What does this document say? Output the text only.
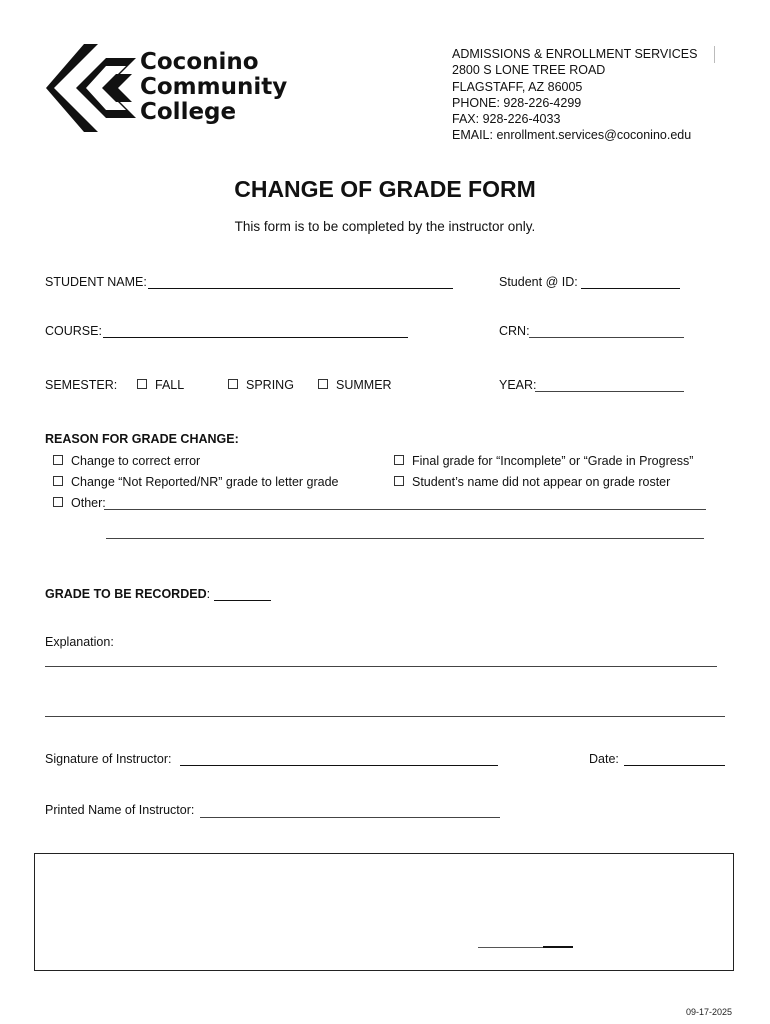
Coconino
Community
College
ADMISSIONS & ENROLLMENT SERVICES
2800 S LONE TREE ROAD
FLAGSTAFF, AZ 86005
PHONE: 928-226-4299
FAX: 928-226-4033
EMAIL: enrollment.services@coconino.edu
CHANGE OF GRADE FORM
This form is to be completed by the instructor only.
STUDENT NAME:	Student @ ID:
COURSE:	CRN:
SEMESTER:	FALL	SPRING	SUMMER	YEAR:
REASON FOR GRADE CHANGE:
Change to correct error
Change “Not Reported/NR” grade to letter grade
Other:
Final grade for “Incomplete” or “Grade in Progress”
Student’s name did not appear on grade roster
GRADE TO BE RECORDED:
Explanation:
Signature of Instructor:	Date:
Printed Name of Instructor:
09-17-2025
